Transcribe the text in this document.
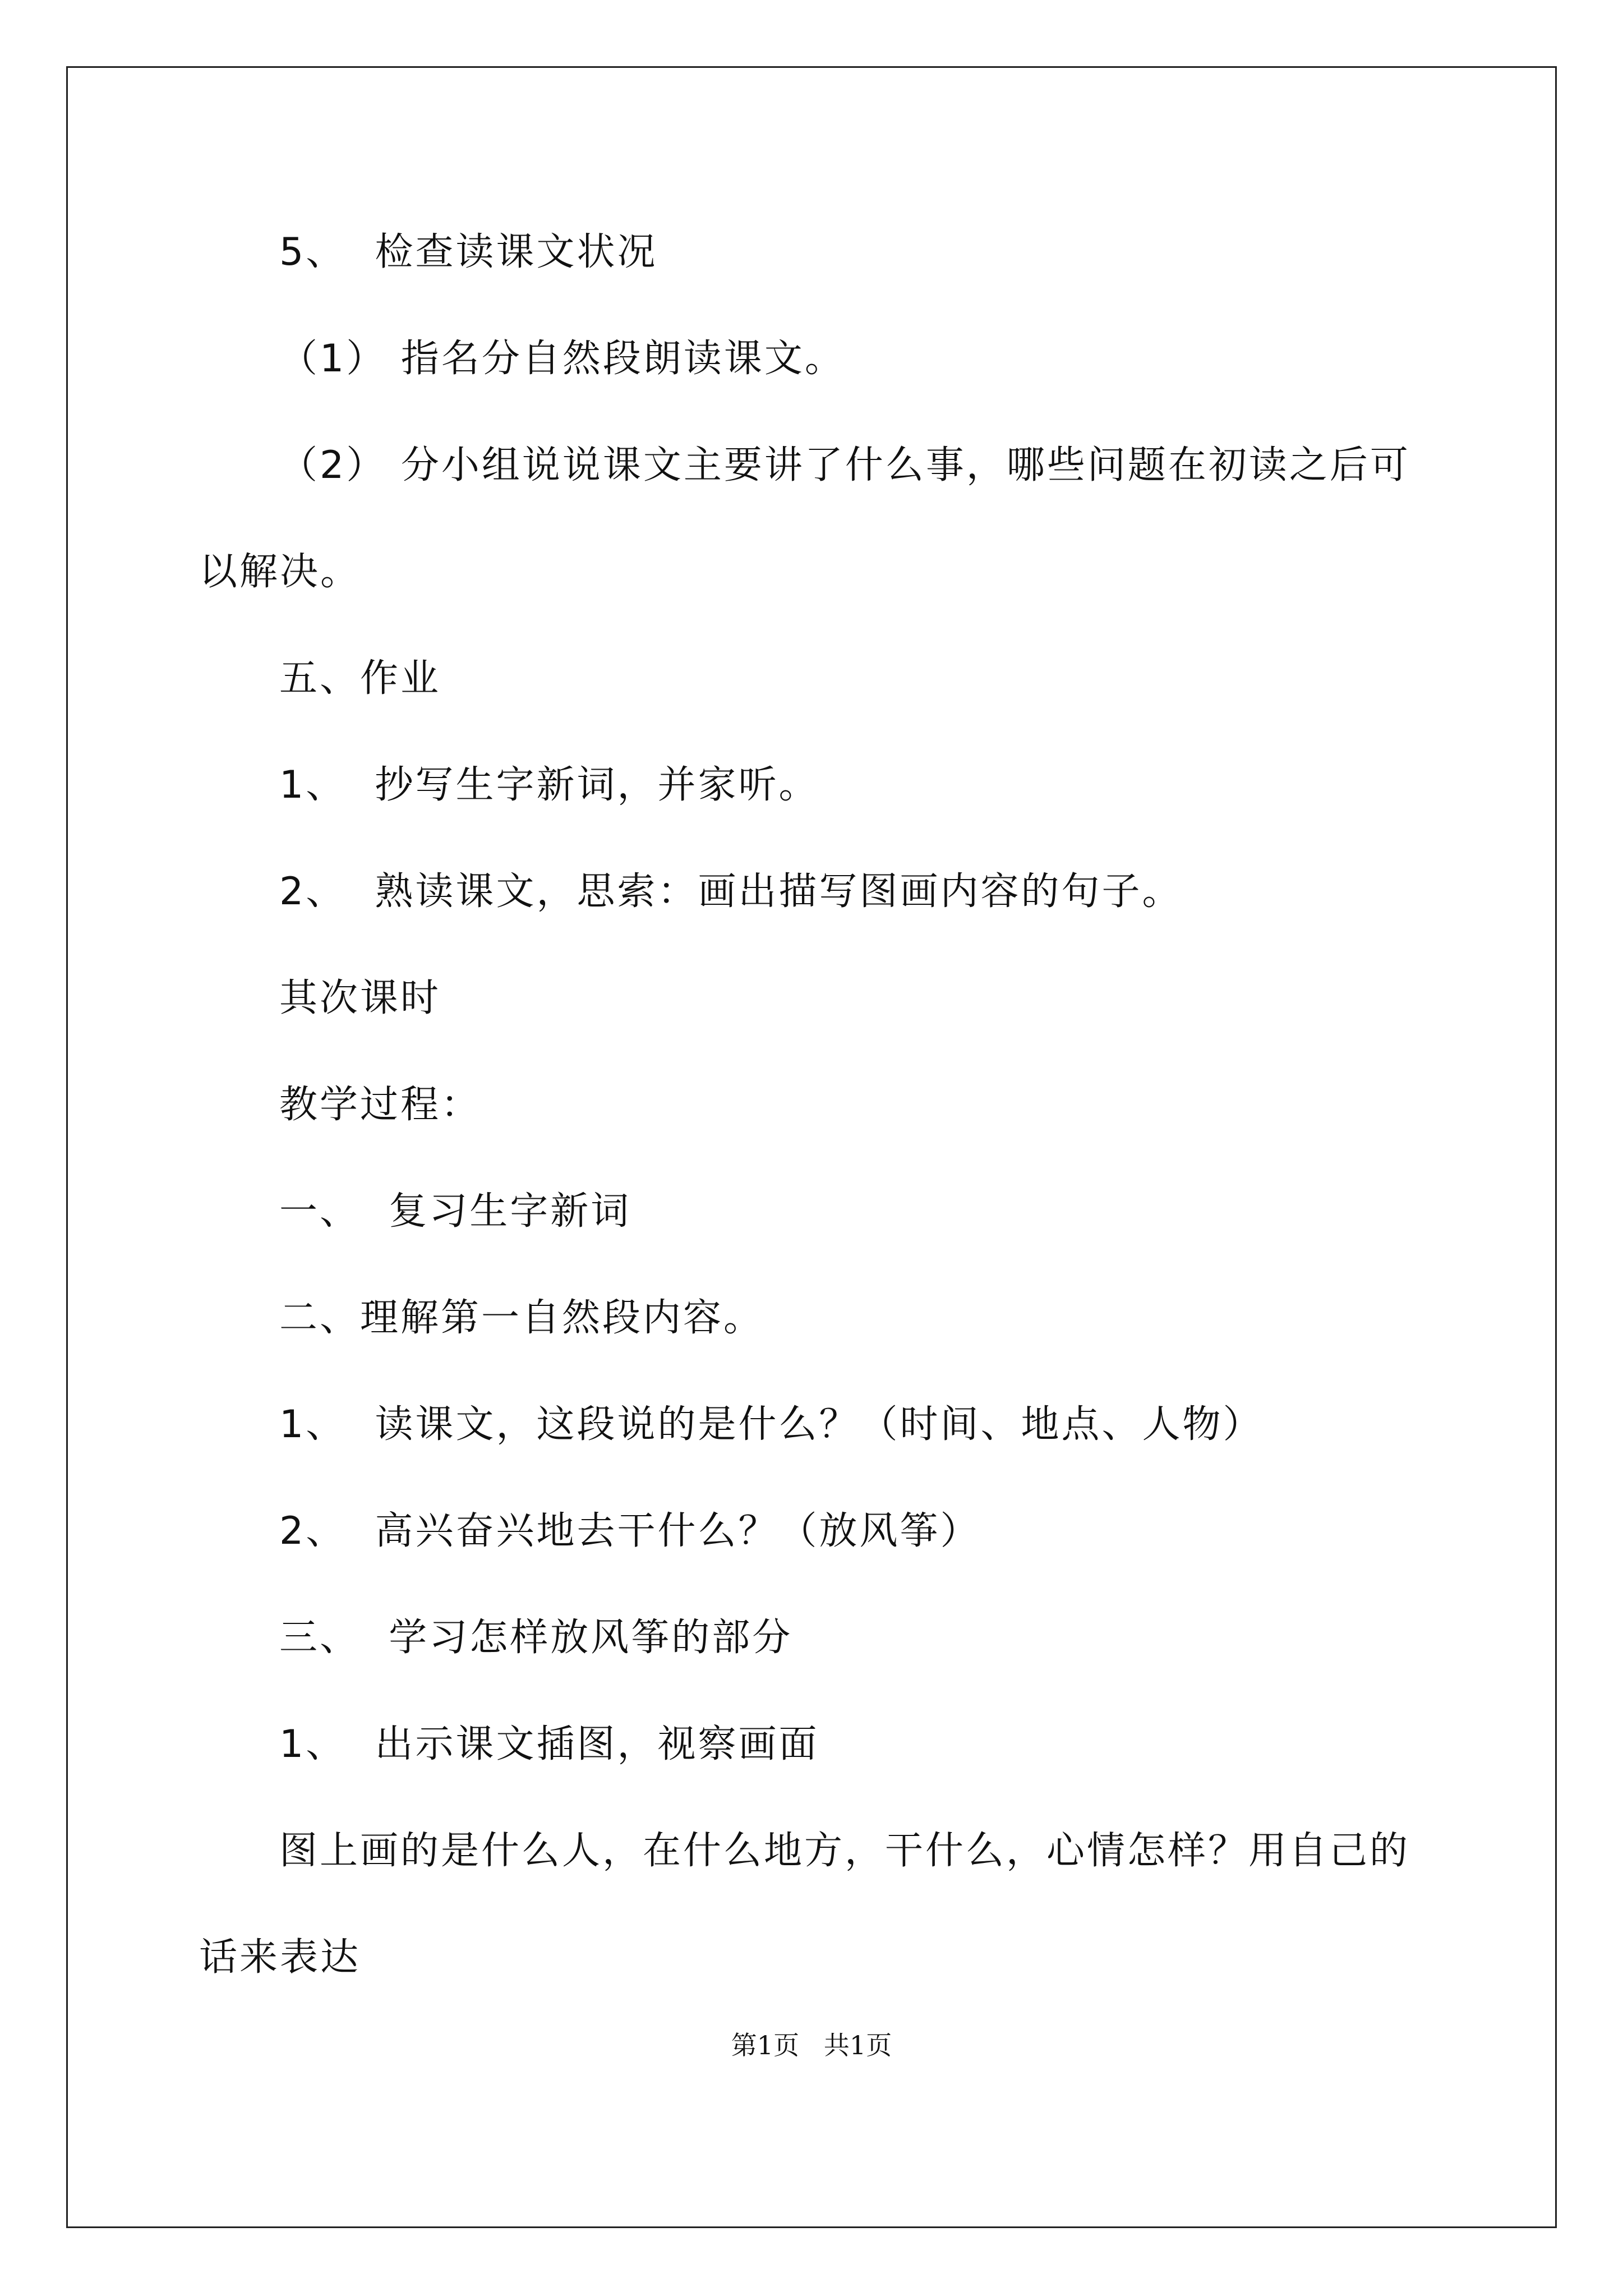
5、  检查读课文状况

（1） 指名分自然段朗读课文。

（2） 分小组说说课文主要讲了什么事，哪些问题在初读之后可

以解决。

五、作业

1、  抄写生字新词，并家听。

2、  熟读课文，思索：画出描写图画内容的句子。

其次课时

教学过程：

一、  复习生字新词

二、理解第一自然段内容。

1、  读课文，这段说的是什么？（时间、地点、人物）

2、  高兴奋兴地去干什么？（放风筝）

三、  学习怎样放风筝的部分

1、  出示课文插图，视察画面

图上画的是什么人，在什么地方，干什么，心情怎样？用自己的

话来表达

第1页   共1页
